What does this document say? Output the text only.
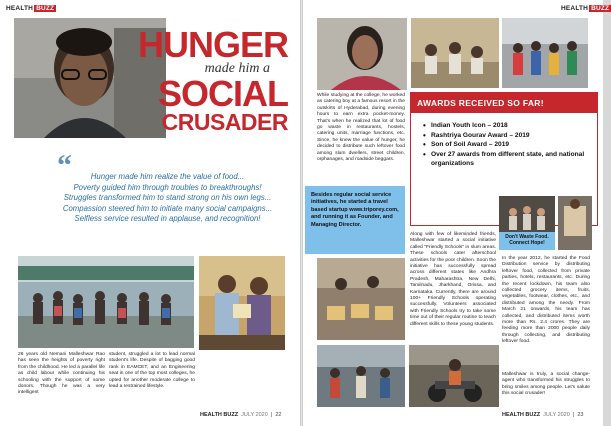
HEALTH BUZZ
HUNGER
made him a
SOCIAL
CRUSADER
“	Hunger made him realize the value of food...
Poverty guided him through troubles to breakthroughs!
Struggles transformed him to stand strong on his own legs...
Compassion steered him to initiate many social campaigns...
Selfless service resulted in applause, and recognition!
26 years old Nemani Malleshwar Rao has seen the heights of poverty right from the childhood. He led a parallel life as child labour while continuing his schooling with the support of some donors. Though he was a very intelligent
student, struggled a lot to lead normal student's life. Despite of bagging good rank in EAMCET, and an Engineering seat in one of the top most colleges, he opted for another moderate college to lead a restrained lifestyle.
HEALTH BUZZ JULY 2020 | 22
HEALTH BUZZ
While studying at the college, he worked as catering boy at a famous resort in the outskirts of Hyderabad, during evening hours to earn extra pocket-money. That's when he realized that lot of food go waste in restaurants, hostels, catering units, marriage functions, etc. Since, he knew the value of hunger, he decided to distribute such leftover food among slum dwellers, street children, orphanages, and roadside beggars.
AWARDS RECEIVED SO FAR!
• Indian Youth Icon – 2018
• Rashtriya Gourav Award – 2019
• Son of Soil Award – 2019
• Over 27 awards from different state, and national organizations
Besides regular social service initiatives, he started a travel based startup www.triporey.com, and running it as Founder, and Managing Director.
Along with few of likeminded friends, Malleshwar started a social initiative called "Friendly Schools" in slum areas. These schools cater afterschool activities for the poor children. Soon the initiative has successfully spread across different states like Andhra Pradesh, Maharashtra, New Delhi, Tamilnadu, Jharkhand, Orissa, and Karnataka. Currently, there are around 100+ Friendly Schools operating successfully. Volunteers associated with Friendly Schools try to take some time out of their regular routine to teach different skills to these young students.
Don't Waste Food.
Connect Hope!
In the year 2012, he started the Food Distribution service by distributing leftover food, collected from private parties, hotels, restaurants, etc. During the recent lockdown, his team also collected grocery items, fruits, vegetables, footwear, clothes, etc., and distributed among the needy. From March 21 onwards, his team has collected, and distributed items worth more than Rs. 2.4 crores. They are feeding more than 2000 people daily through collecting, and distributing leftover food.
Malleshwar is truly, a social change-agent who transformed his struggles to bring smiles among people. Let's salute this social crusader!
HEALTH BUZZ JULY 2020 | 23
